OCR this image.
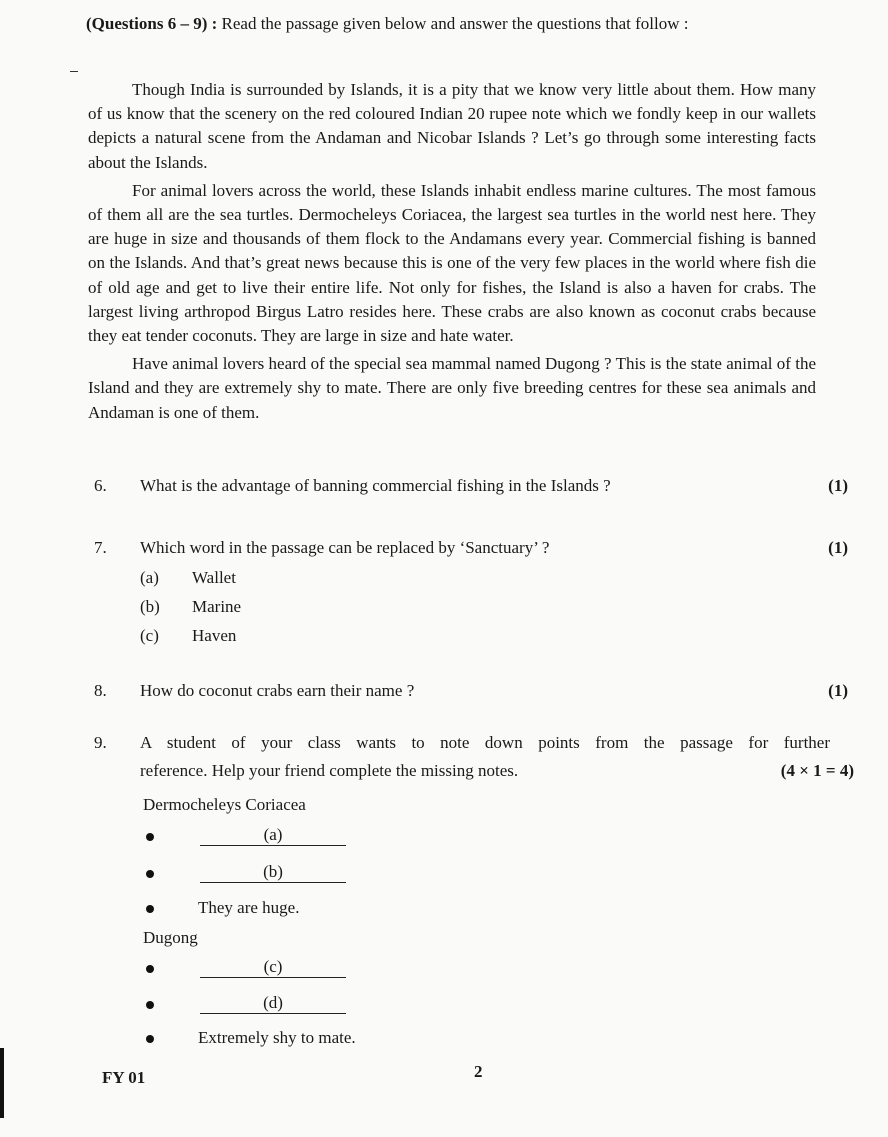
(Questions 6 – 9) : Read the passage given below and answer the questions that follow :

Though India is surrounded by Islands, it is a pity that we know very little about them. How many of us know that the scenery on the red coloured Indian 20 rupee note which we fondly keep in our wallets depicts a natural scene from the Andaman and Nicobar Islands ? Let’s go through some interesting facts about the Islands.

For animal lovers across the world, these Islands inhabit endless marine cultures. The most famous of them all are the sea turtles. Dermocheleys Coriacea, the largest sea turtles in the world nest here. They are huge in size and thousands of them flock to the Andamans every year. Commercial fishing is banned on the Islands. And that’s great news because this is one of the very few places in the world where fish die of old age and get to live their entire life. Not only for fishes, the Island is also a haven for crabs. The largest living arthropod Birgus Latro resides here. These crabs are also known as coconut crabs because they eat tender coconuts. They are large in size and hate water.

Have animal lovers heard of the special sea mammal named Dugong ? This is the state animal of the Island and they are extremely shy to mate. There are only five breeding centres for these sea animals and Andaman is one of them.

6. What is the advantage of banning commercial fishing in the Islands ?	(1)
7. Which word in the passage can be replaced by ‘Sanctuary’ ?	(1)
(a) Wallet
(b) Marine
(c) Haven
8. How do coconut crabs earn their name ?	(1)
9. A student of your class wants to note down points from the passage for further
reference. Help your friend complete the missing notes.	(4 × 1 = 4)
Dermocheleys Coriacea
(a)
(b)
They are huge.
Dugong
(c)
(d)
Extremely shy to mate.
FY 01	2
